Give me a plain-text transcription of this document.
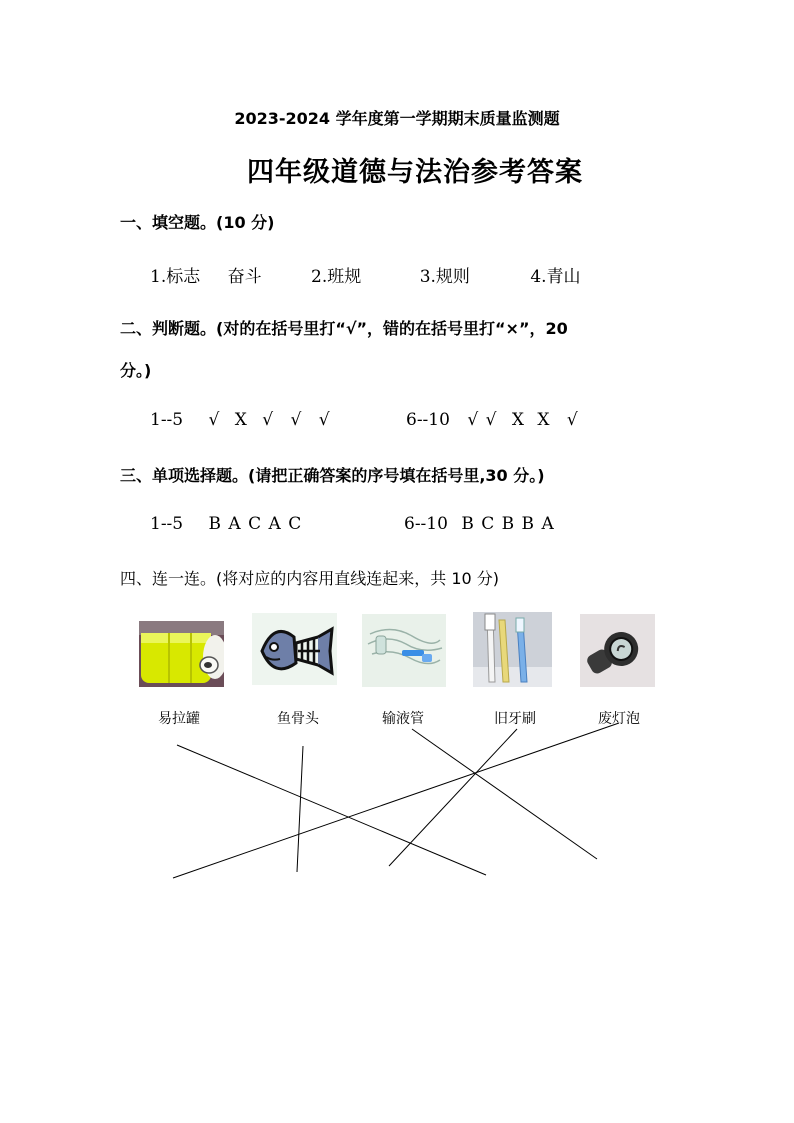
2023-2024 学年度第一学期期末质量监测题
四年级道德与法治参考答案
一、填空题。(10 分)
1.标志 奋斗	2.班规	3.规则	4.青山
二、判断题。(对的在括号里打“√”，错的在括号里打“×”，20
分。)
1--5 √ X √ √ √	6--10 √ √ X X √
三、单项选择题。(请把正确答案的序号填在括号里,30 分。)
1--5 B A C A C	6--10 B C B B A
四、连一连。(将对应的内容用直线连起来，共 10 分)
易拉罐	鱼骨头	输液管	旧牙刷	废灯泡
